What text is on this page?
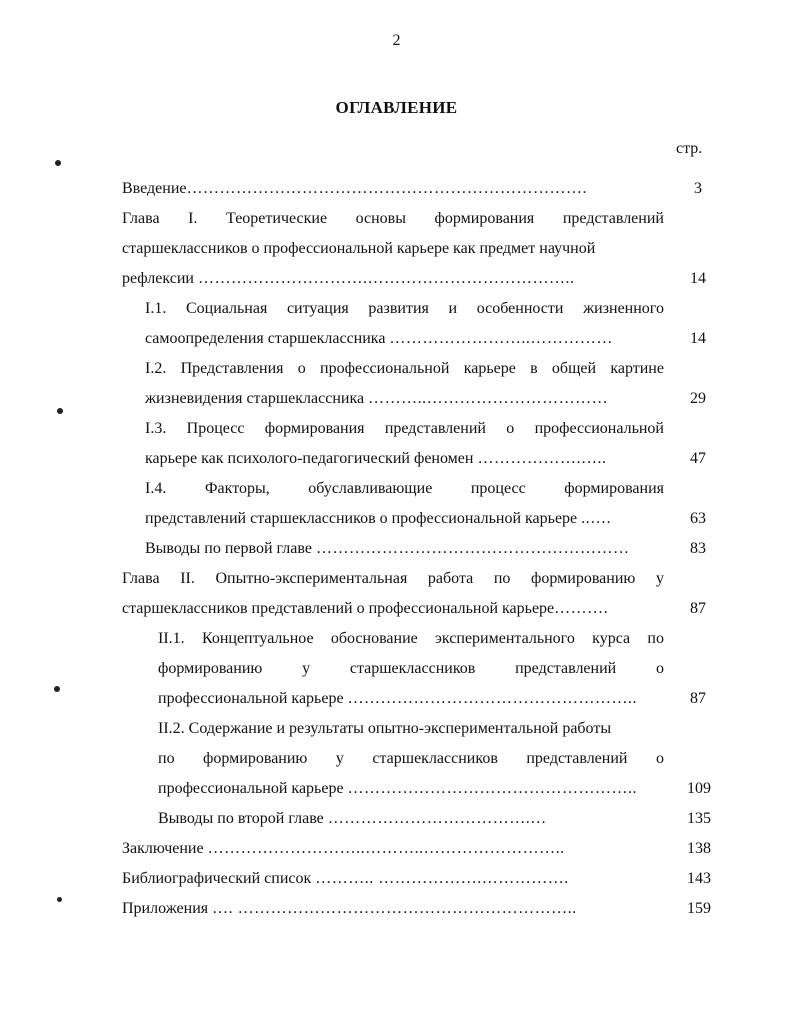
2
ОГЛАВЛЕНИЕ
стр.
Введение……………………………………………………………….	3
Глава I. Теоретические основы формирования представлений
старшеклассников о профессиональной карьере как предмет научной
рефлексии ………………………….………………………………..	14
I.1. Социальная ситуация развития и особенности жизненного
самоопределения старшеклассника ……………………..……………	14
I.2. Представления о профессиональной карьере в общей картине
жизневидения старшеклассника ………..……………………………	29
I.3. Процесс формирования представлений о профессиональной
карьере как психолого-педагогический феномен ……………….…..	47
I.4. Факторы, обуславливающие процесс формирования
представлений старшеклассников о профессиональной карьере ..….	63
Выводы по первой главе …………………………………………………	83
Глава II. Опытно-экспериментальная работа по формированию у
старшеклассников представлений о профессиональной карьере……….	87
II.1. Концептуальное обоснование экспериментального курса по
формированию у старшеклассников представлений о
профессиональной карьере ……………………………………………..	87
II.2. Содержание и результаты опытно-экспериментальной работы
по формированию у старшеклассников представлений о
профессиональной карьере ……………………………………………..	109
Выводы по второй главе ……………………………….…	135
Заключение ………………………..………..……………………..	138
Библиографический список ……….. ……………….…………….	143
Приложения …. ……………………………………………………..	159
